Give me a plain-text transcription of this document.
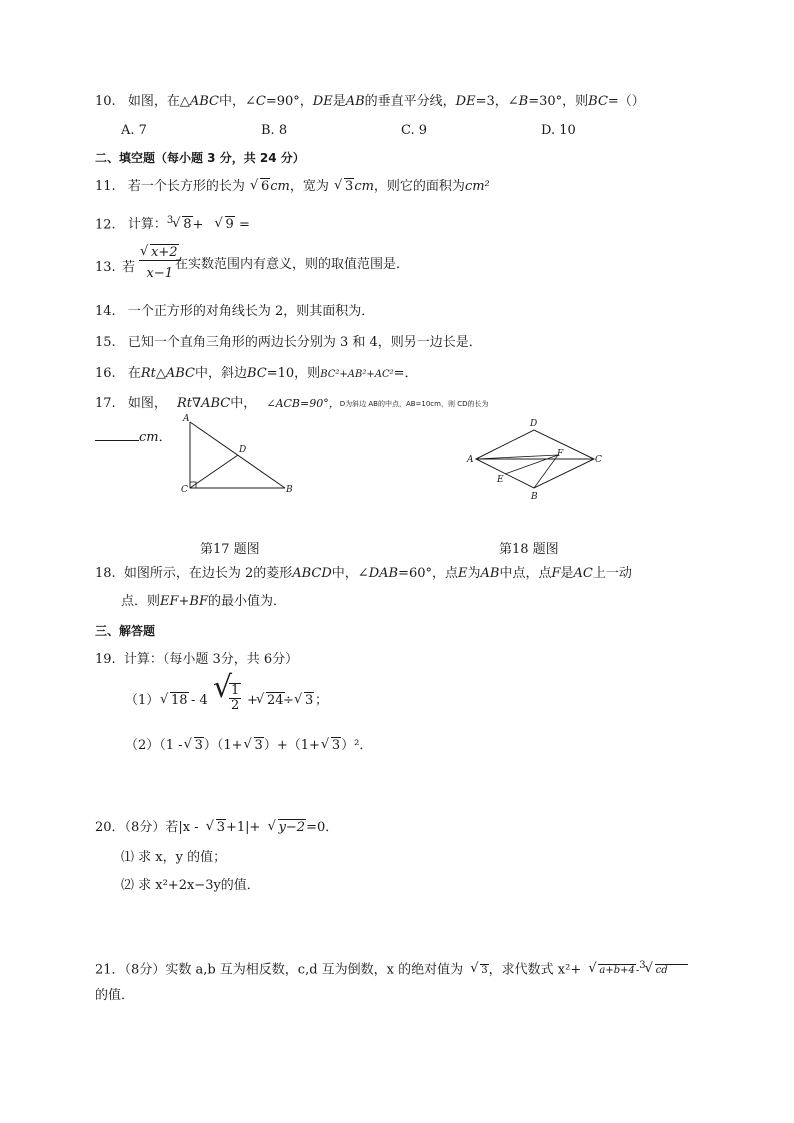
10. 如图，在△ABC中，∠C=90°，DE是AB的垂直平分线，DE=3，∠B=30°，则BC=（）
A. 7	B. 8	C. 9	D. 10
二、填空题（每小题 3 分，共 24 分）
11. 若一个长方形的长为 √ 6cm，宽为 √ 3cm，则它的面积为cm²
12. 计算：$^3$ √ 8+ √ 9 =
13. 若 √ $\frac{x+2}{x-1}$
在实数范围内有意义，则的取值范围是．
14. 一个正方形的对角线长为 2，则其面积为．
15. 已知一个直角三角形的两边长分别为 3 和 4，则另一边长是．
16. 在Rt△ABC中，斜边BC=10，则BC²+AB²+AC²=．
17. 如图， Rt∇ABC中， ∠ACB=90°，$^{D为斜边 AB的中点,AB=10cm,则 CD的长为}$
cm．
A
D
C	B
D
A
F
C
E
B
第17 题图	第18 题图
18. 如图所示，在边长为 2的菱形ABCD中，∠DAB=60°，点E为AB中点，点F是AC上一动
点．则EF+BF的最小值为．
三、解答题
19. 计算：（每小题 3分，共 6分）
（1） √ 18 - 4 √
$\frac{1}{2}$ + √ 24 ÷ √ 3 ；
（2）（1 - √ 3）（1+ √ 3）+（1+ √ 3）²．
20．（8分）若|x - √ 3+1|+ √ y−2=0．
⑴ 求 x，y 的值；
⑵ 求 x²+2x−3y的值．
21．（8分）实数 a,b 互为相反数，c,d 互为倒数，x 的绝对值为 √ 3，求代数式 x²+ √ a+b+4-$^3$ √ cd
的值．
